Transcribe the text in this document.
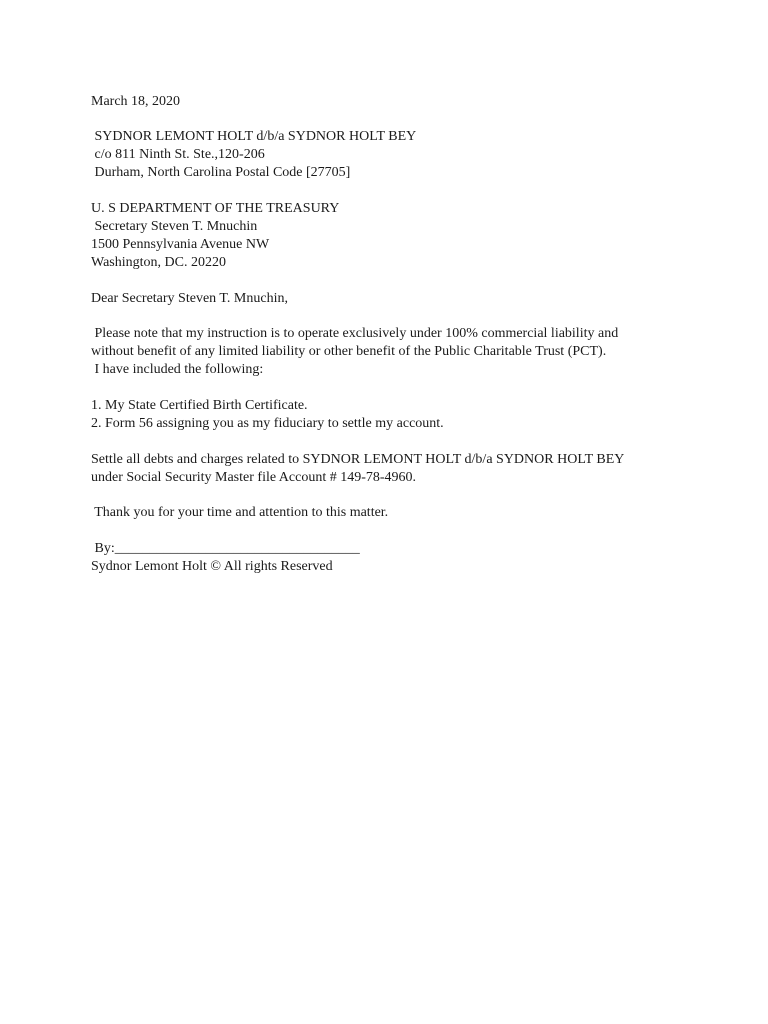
March 18, 2020
SYDNOR LEMONT HOLT d/b/a SYDNOR HOLT BEY
c/o 811 Ninth St. Ste.,120-206
Durham, North Carolina Postal Code [27705]
U. S DEPARTMENT OF THE TREASURY
Secretary Steven T. Mnuchin
1500 Pennsylvania Avenue NW
Washington, DC. 20220
Dear Secretary Steven T. Mnuchin,
Please note that my instruction is to operate exclusively under 100% commercial liability and
without benefit of any limited liability or other benefit of the Public Charitable Trust (PCT).
I have included the following:
1. My State Certified Birth Certificate.
2. Form 56 assigning you as my fiduciary to settle my account.
Settle all debts and charges related to SYDNOR LEMONT HOLT d/b/a SYDNOR HOLT BEY
under Social Security Master file Account # 149-78-4960.
Thank you for your time and attention to this matter.
By:___________________________________
Sydnor Lemont Holt © All rights Reserved
